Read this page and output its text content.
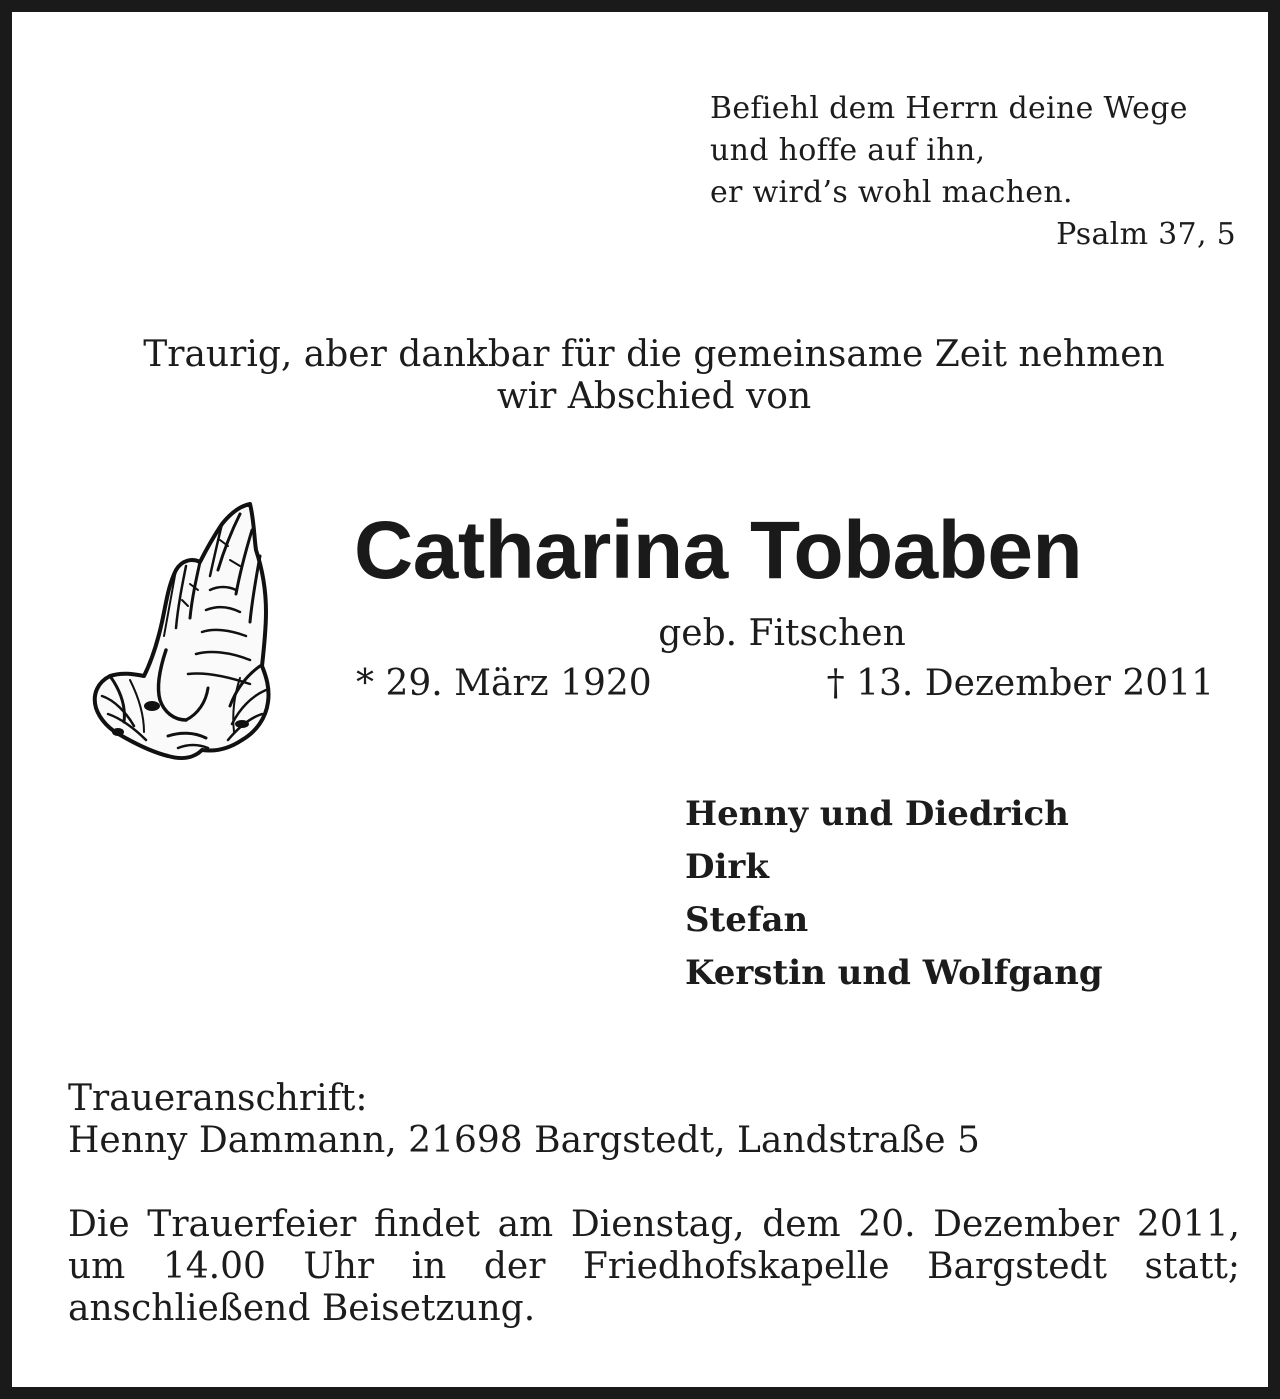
Befiehl dem Herrn deine Wege
und hoffe auf ihn,
er wird’s wohl machen.
Psalm 37, 5
Traurig, aber dankbar für die gemeinsame Zeit nehmen
wir Abschied von
Catharina Tobaben
geb. Fitschen
* 29. März 1920	† 13. Dezember 2011
Henny und Diedrich
Dirk
Stefan
Kerstin und Wolfgang
Traueranschrift:
Henny Dammann, 21698 Bargstedt, Landstraße 5
Die Trauerfeier findet am Dienstag, dem 20. Dezember 2011,
um 14.00 Uhr in der Friedhofskapelle Bargstedt statt;
anschließend Beisetzung.
